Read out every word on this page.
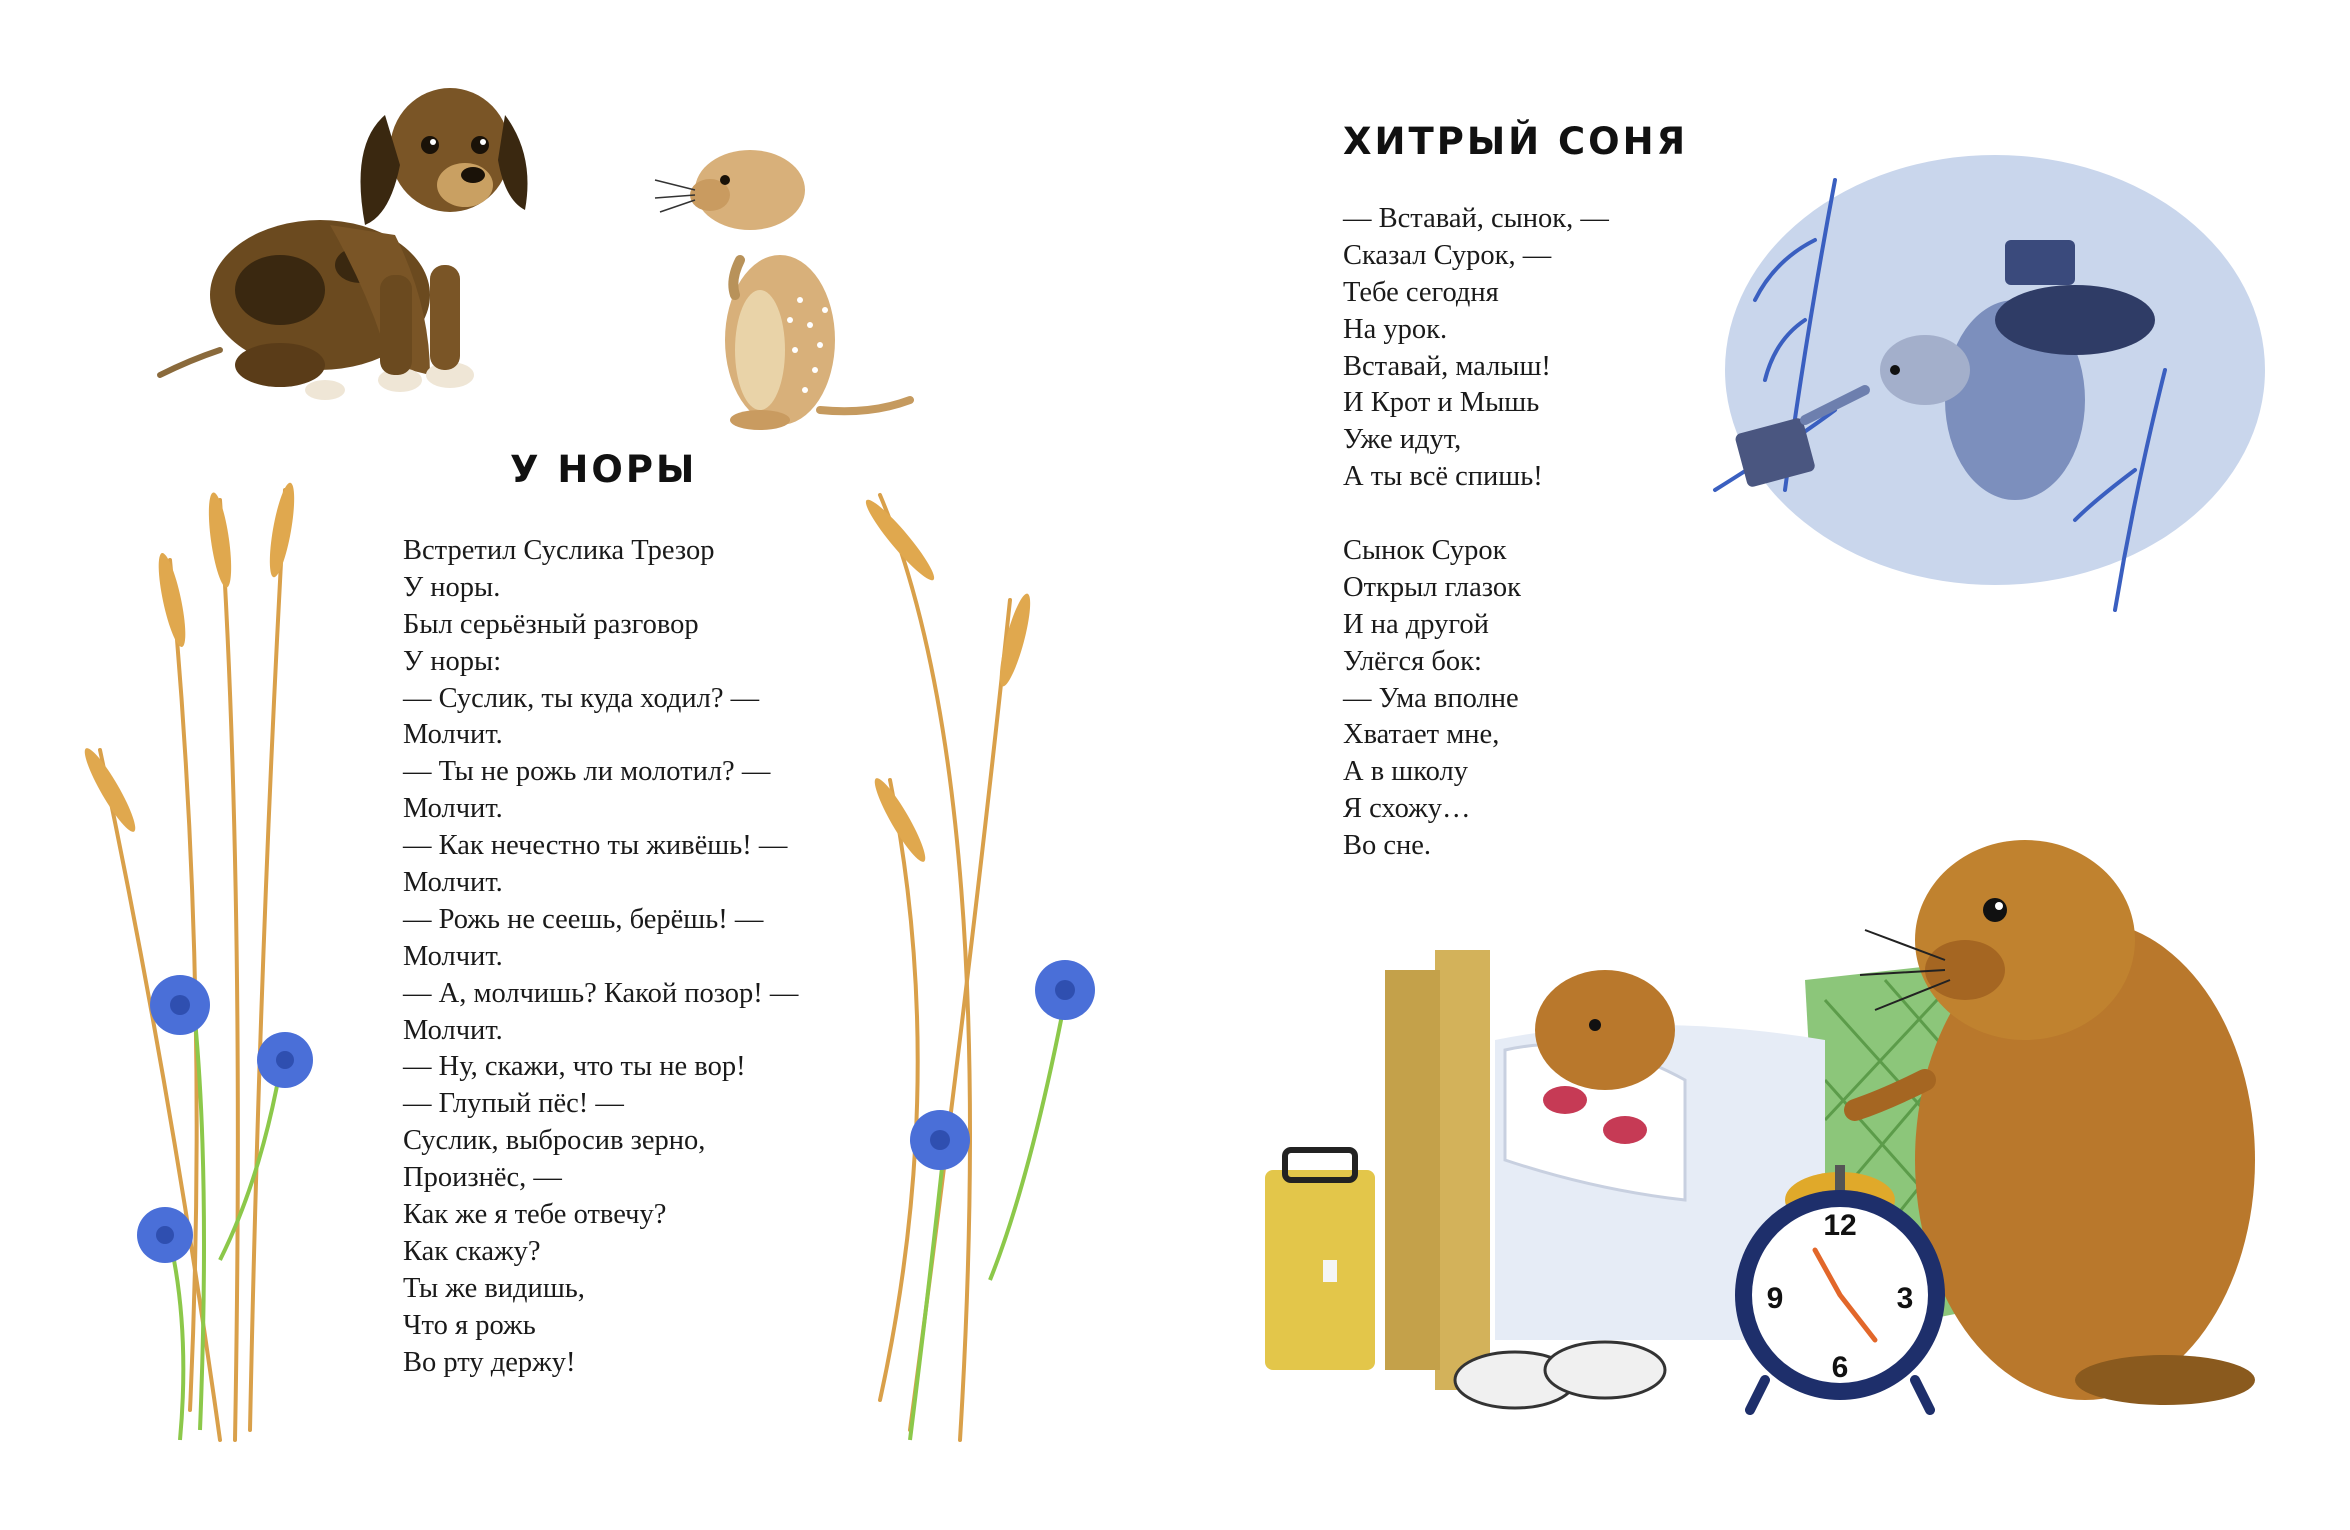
У НОРЫ
Встретил Суслика Трезор
У норы.
Был серьёзный разговор
У норы:
— Суслик, ты куда ходил? —
Молчит.
— Ты не рожь ли молотил? —
Молчит.
— Как нечестно ты живёшь! —
Молчит.
— Рожь не сеешь, берёшь! —
Молчит.
— А, молчишь? Какой позор! —
Молчит.
— Ну, скажи, что ты не вор!
— Глупый пёс! —
Суслик, выбросив зерно,
Произнёс, —
Как же я тебе отвечу?
Как скажу?
Ты же видишь,
Что я рожь
Во рту держу!
ХИТРЫЙ СОНЯ
— Вставай, сынок, —
Сказал Сурок, —
Тебе сегодня
На урок.
Вставай, малыш!
И Крот и Мышь
Уже идут,
А ты всё спишь!
Сынок Сурок
Открыл глазок
И на другой
Улёгся бок:
— Ума вполне
Хватает мне,
А в школу
Я схожу…
Во сне.
12
3
6
9
